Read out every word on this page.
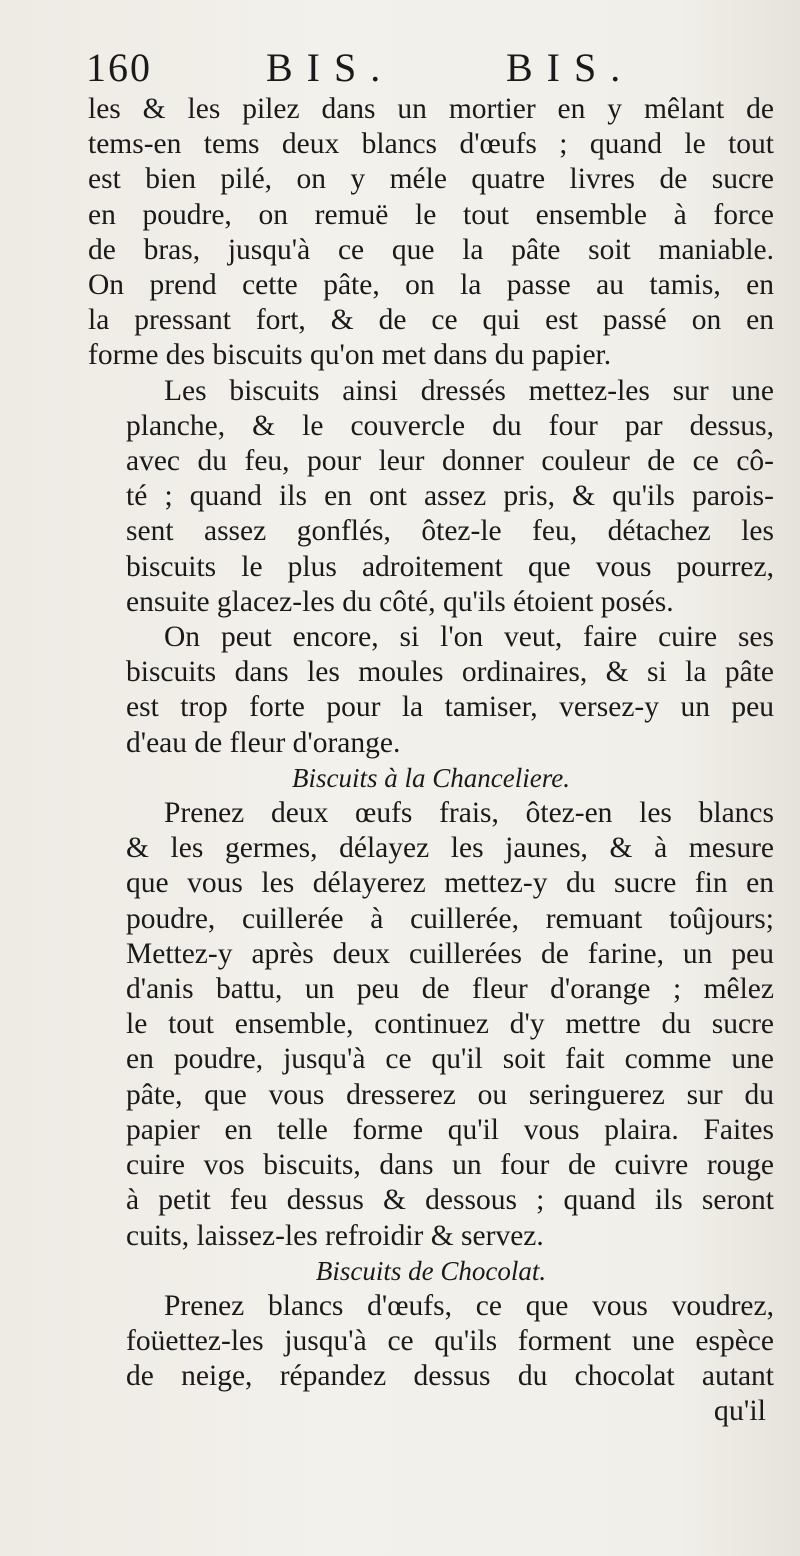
160	BIS.	BIS.

les & les pilez dans un mortier en y mêlant de
tems-en tems deux blancs d'œufs ; quand le tout
est bien pilé, on y méle quatre livres de sucre
en poudre, on remuë le tout ensemble à force
de bras, jusqu'à ce que la pâte soit maniable.
On prend cette pâte, on la passe au tamis, en
la pressant fort, & de ce qui est passé on en
forme des biscuits qu'on met dans du papier.

Les biscuits ainsi dressés mettez-les sur une
planche, & le couvercle du four par dessus,
avec du feu, pour leur donner couleur de ce cô-
té ; quand ils en ont assez pris, & qu'ils parois-
sent assez gonflés, ôtez-le feu, détachez les
biscuits le plus adroitement que vous pourrez,
ensuite glacez-les du côté, qu'ils étoient posés.

On peut encore, si l'on veut, faire cuire ses
biscuits dans les moules ordinaires, & si la pâte
est trop forte pour la tamiser, versez-y un peu
d'eau de fleur d'orange.

Biscuits à la Chanceliere.

Prenez deux œufs frais, ôtez-en les blancs
& les germes, délayez les jaunes, & à mesure
que vous les délayerez mettez-y du sucre fin en
poudre, cuillerée à cuillerée, remuant toûjours;
Mettez-y après deux cuillerées de farine, un peu
d'anis battu, un peu de fleur d'orange ; mêlez
le tout ensemble, continuez d'y mettre du sucre
en poudre, jusqu'à ce qu'il soit fait comme une
pâte, que vous dresserez ou seringuerez sur du
papier en telle forme qu'il vous plaira. Faites
cuire vos biscuits, dans un four de cuivre rouge
à petit feu dessus & dessous ; quand ils seront
cuits, laissez-les refroidir & servez.

Biscuits de Chocolat.

Prenez blancs d'œufs, ce que vous voudrez,
foüettez-les jusqu'à ce qu'ils forment une espèce
de neige, répandez dessus du chocolat autant

qu'il
